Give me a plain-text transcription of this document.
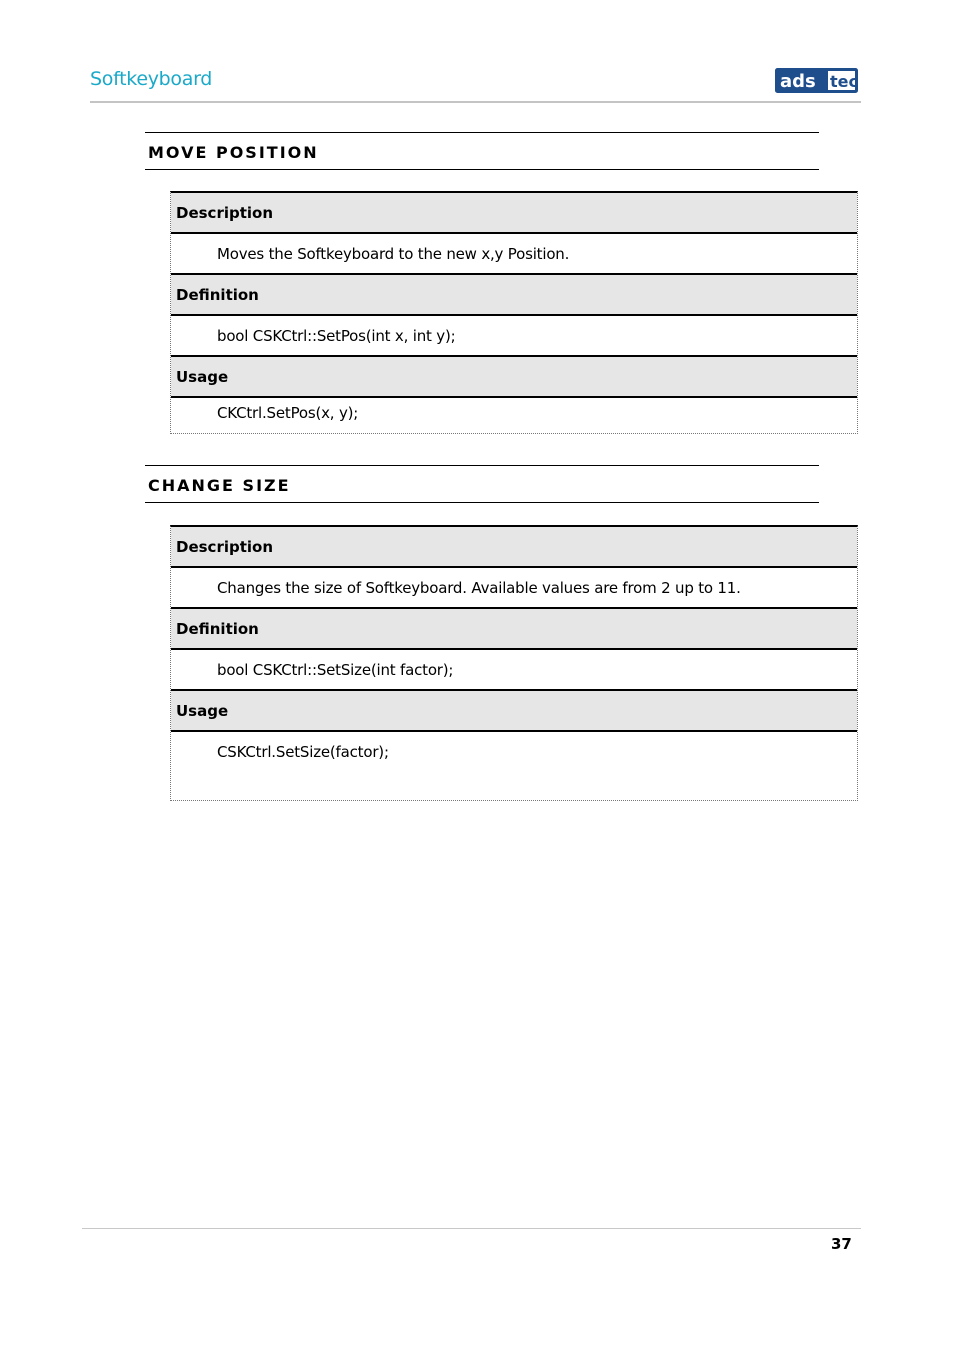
Softkeyboard	ads tec
MOVE POSITION
Description
Moves the Softkeyboard to the new x,y Position.
Definition
bool CSKCtrl::SetPos(int x, int y);
Usage
CKCtrl.SetPos(x, y);
CHANGE SIZE
Description
Changes the size of Softkeyboard. Available values are from 2 up to 11.
Definition
bool CSKCtrl::SetSize(int factor);
Usage
CSKCtrl.SetSize(factor);
37
